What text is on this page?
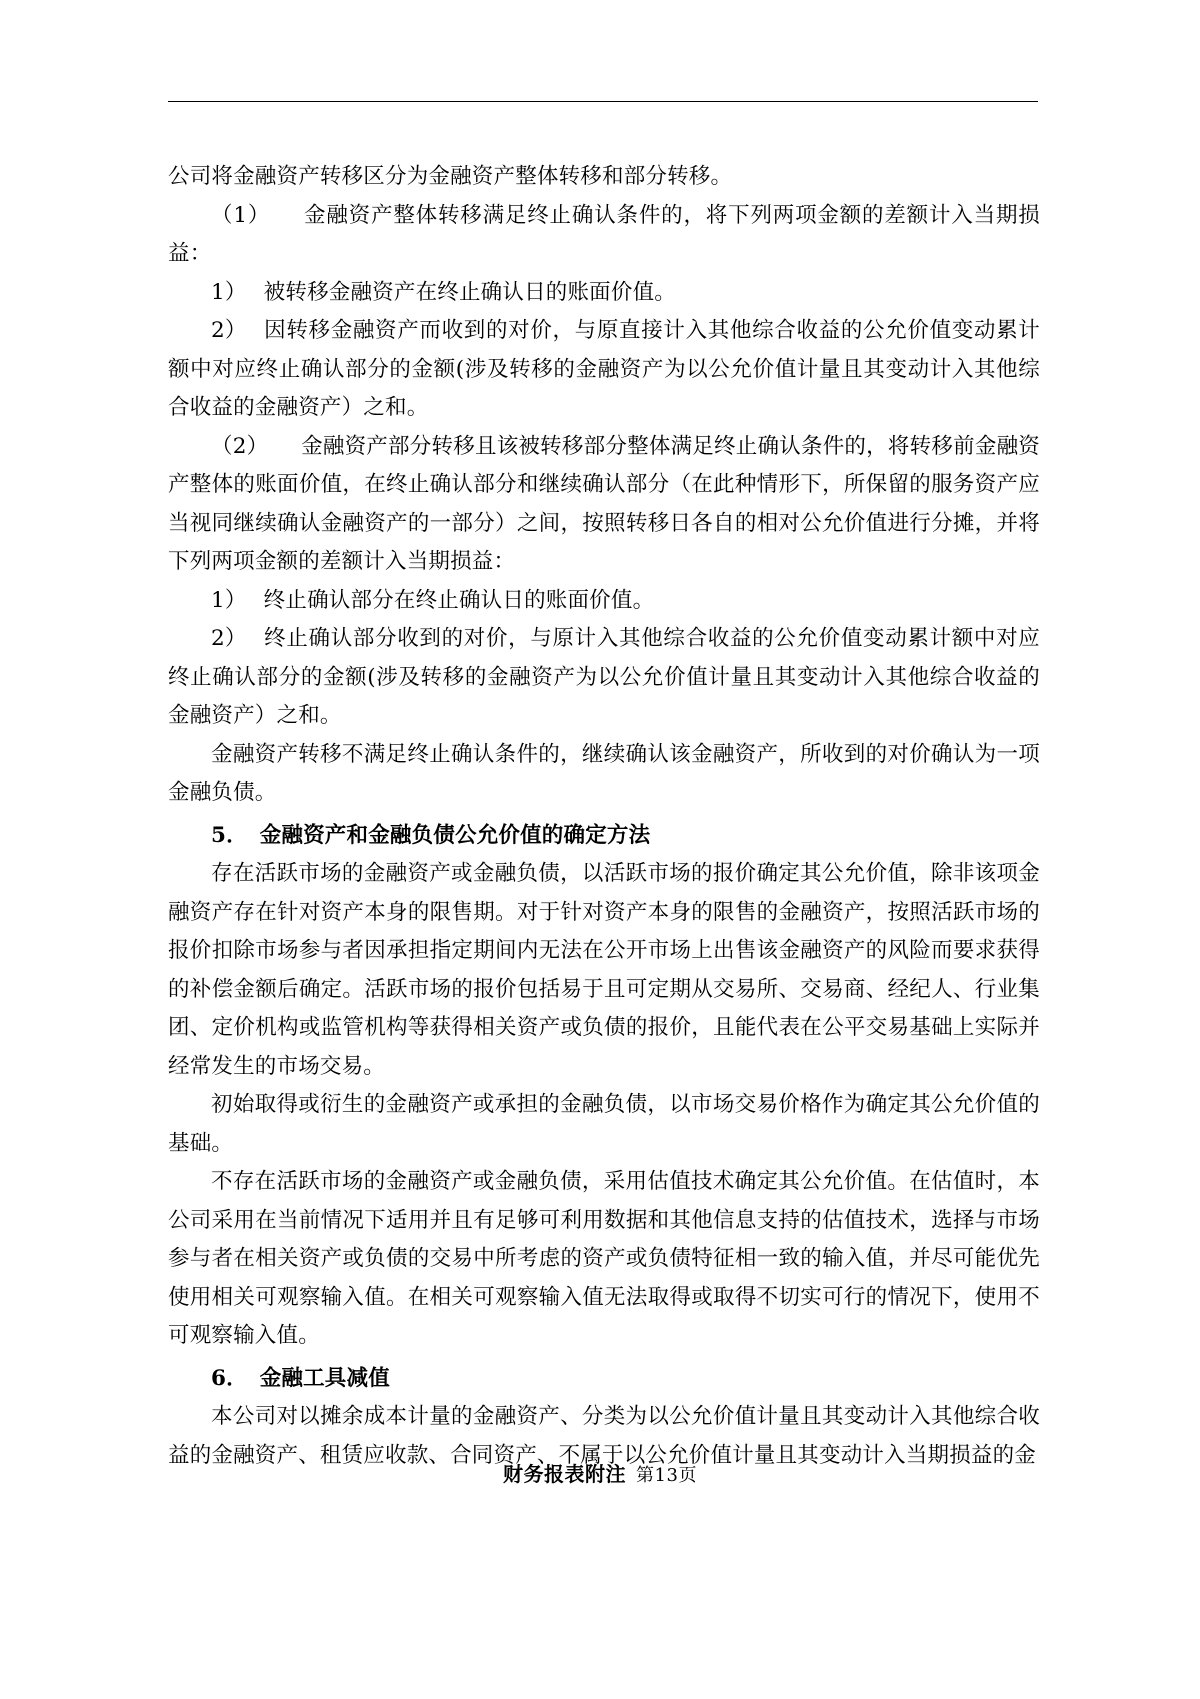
公司将金融资产转移区分为金融资产整体转移和部分转移。

（1）　　金融资产整体转移满足终止确认条件的，将下列两项金额的差额计入当期损益：

1） 被转移金融资产在终止确认日的账面价值。

2） 因转移金融资产而收到的对价，与原直接计入其他综合收益的公允价值变动累计额中对应终止确认部分的金额(涉及转移的金融资产为以公允价值计量且其变动计入其他综合收益的金融资产）之和。

（2）　　金融资产部分转移且该被转移部分整体满足终止确认条件的，将转移前金融资产整体的账面价值，在终止确认部分和继续确认部分（在此种情形下，所保留的服务资产应当视同继续确认金融资产的一部分）之间，按照转移日各自的相对公允价值进行分摊，并将下列两项金额的差额计入当期损益：

1） 终止确认部分在终止确认日的账面价值。

2） 终止确认部分收到的对价，与原计入其他综合收益的公允价值变动累计额中对应终止确认部分的金额(涉及转移的金融资产为以公允价值计量且其变动计入其他综合收益的金融资产）之和。

金融资产转移不满足终止确认条件的，继续确认该金融资产，所收到的对价确认为一项金融负债。

5． 金融资产和金融负债公允价值的确定方法

存在活跃市场的金融资产或金融负债，以活跃市场的报价确定其公允价值，除非该项金融资产存在针对资产本身的限售期。对于针对资产本身的限售的金融资产，按照活跃市场的报价扣除市场参与者因承担指定期间内无法在公开市场上出售该金融资产的风险而要求获得的补偿金额后确定。活跃市场的报价包括易于且可定期从交易所、交易商、经纪人、行业集团、定价机构或监管机构等获得相关资产或负债的报价，且能代表在公平交易基础上实际并经常发生的市场交易。

初始取得或衍生的金融资产或承担的金融负债，以市场交易价格作为确定其公允价值的基础。

不存在活跃市场的金融资产或金融负债，采用估值技术确定其公允价值。在估值时，本公司采用在当前情况下适用并且有足够可利用数据和其他信息支持的估值技术，选择与市场参与者在相关资产或负债的交易中所考虑的资产或负债特征相一致的输入值，并尽可能优先使用相关可观察输入值。在相关可观察输入值无法取得或取得不切实可行的情况下，使用不可观察输入值。

6． 金融工具减值

本公司对以摊余成本计量的金融资产、分类为以公允价值计量且其变动计入其他综合收益的金融资产、租赁应收款、合同资产、不属于以公允价值计量且其变动计入当期损益的金

财务报表附注 第13页
